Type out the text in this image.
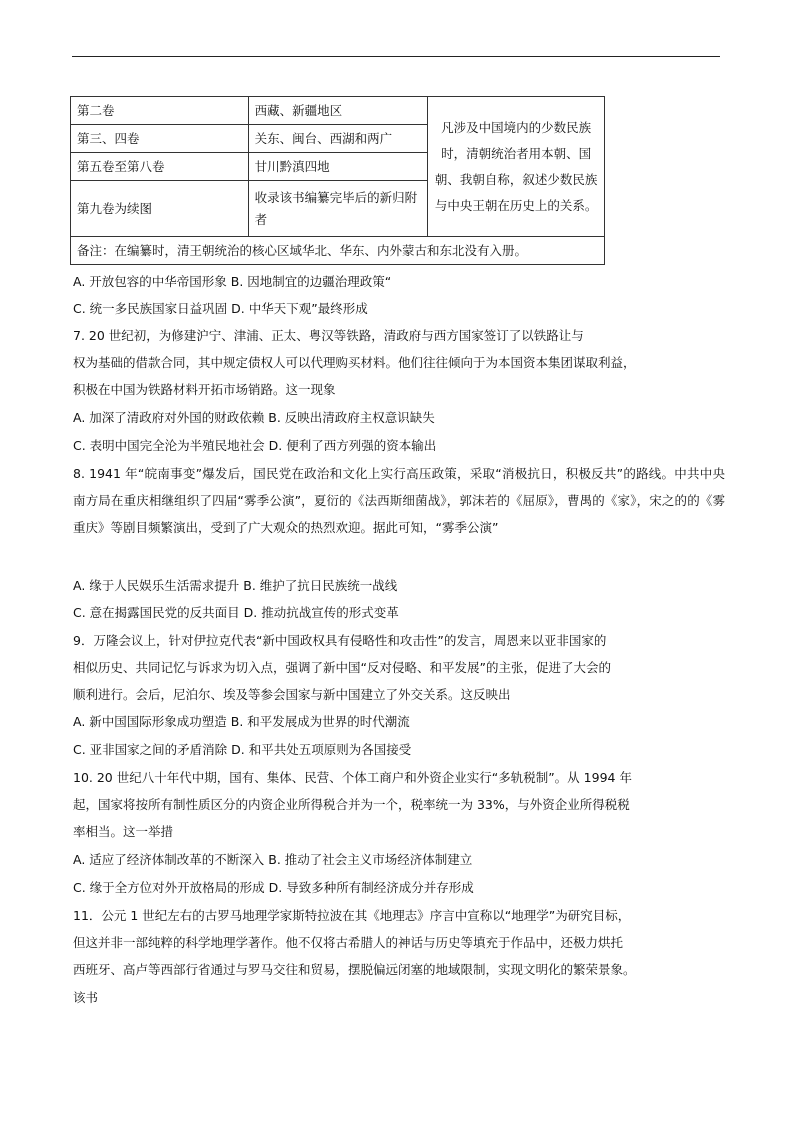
第二卷	西藏、新疆地区	凡涉及中国境内的少数民族时，清朝统治者用本朝、国朝、我朝自称，叙述少数民族与中央王朝在历史上的关系。
第三、四卷	关东、闽台、西湖和两广	
第五卷至第八卷	甘川黔滇四地	
第九卷为续图	收录该书编纂完毕后的新归附者	
备注：在编纂时，清王朝统治的核心区域华北、华东、内外蒙古和东北没有入册。		
A. 开放包容的中华帝国形象 B. 因地制宜的边疆治理政策“
C. 统一多民族国家日益巩固 D. 中华天下观”最终形成
7. 20 世纪初，为修建沪宁、津浦、正太、粤汉等铁路，清政府与西方国家签订了以铁路让与
权为基础的借款合同，其中规定债权人可以代理购买材料。他们往往倾向于为本国资本集团谋取利益，
积极在中国为铁路材料开拓市场销路。这一现象
A. 加深了清政府对外国的财政依赖 B. 反映出清政府主权意识缺失
C. 表明中国完全沦为半殖民地社会 D. 便利了西方列强的资本输出
8. 1941 年“皖南事变”爆发后，国民党在政治和文化上实行高压政策，采取“消极抗日，积极反共”的路线。中共中央南方局在重庆相继组织了四届“雾季公演”，夏衍的《法西斯细菌战》，郭沫若的《屈原》，曹禺的《家》，宋之的的《雾重庆》等剧目频繁演出，受到了广大观众的热烈欢迎。据此可知，“雾季公演”
A. 缘于人民娱乐生活需求提升 B. 维护了抗日民族统一战线
C. 意在揭露国民党的反共面目 D. 推动抗战宣传的形式变革
9．万隆会议上，针对伊拉克代表“新中国政权具有侵略性和攻击性”的发言，周恩来以亚非国家的
相似历史、共同记忆与诉求为切入点，强调了新中国“反对侵略、和平发展”的主张，促进了大会的
顺利进行。会后，尼泊尔、埃及等参会国家与新中国建立了外交关系。这反映出
A. 新中国国际形象成功塑造 B. 和平发展成为世界的时代潮流
C. 亚非国家之间的矛盾消除 D. 和平共处五项原则为各国接受
10. 20 世纪八十年代中期，国有、集体、民营、个体工商户和外资企业实行“多轨税制”。从 1994 年
起，国家将按所有制性质区分的内资企业所得税合并为一个，税率统一为 33%，与外资企业所得税税
率相当。这一举措
A. 适应了经济体制改革的不断深入 B. 推动了社会主义市场经济体制建立
C. 缘于全方位对外开放格局的形成 D. 导致多种所有制经济成分并存形成
11．公元 1 世纪左右的古罗马地理学家斯特拉波在其《地理志》序言中宣称以“地理学”为研究目标，
但这并非一部纯粹的科学地理学著作。他不仅将古希腊人的神话与历史等填充于作品中，还极力烘托
西班牙、高卢等西部行省通过与罗马交往和贸易，摆脱偏远闭塞的地域限制，实现文明化的繁荣景象。
该书
